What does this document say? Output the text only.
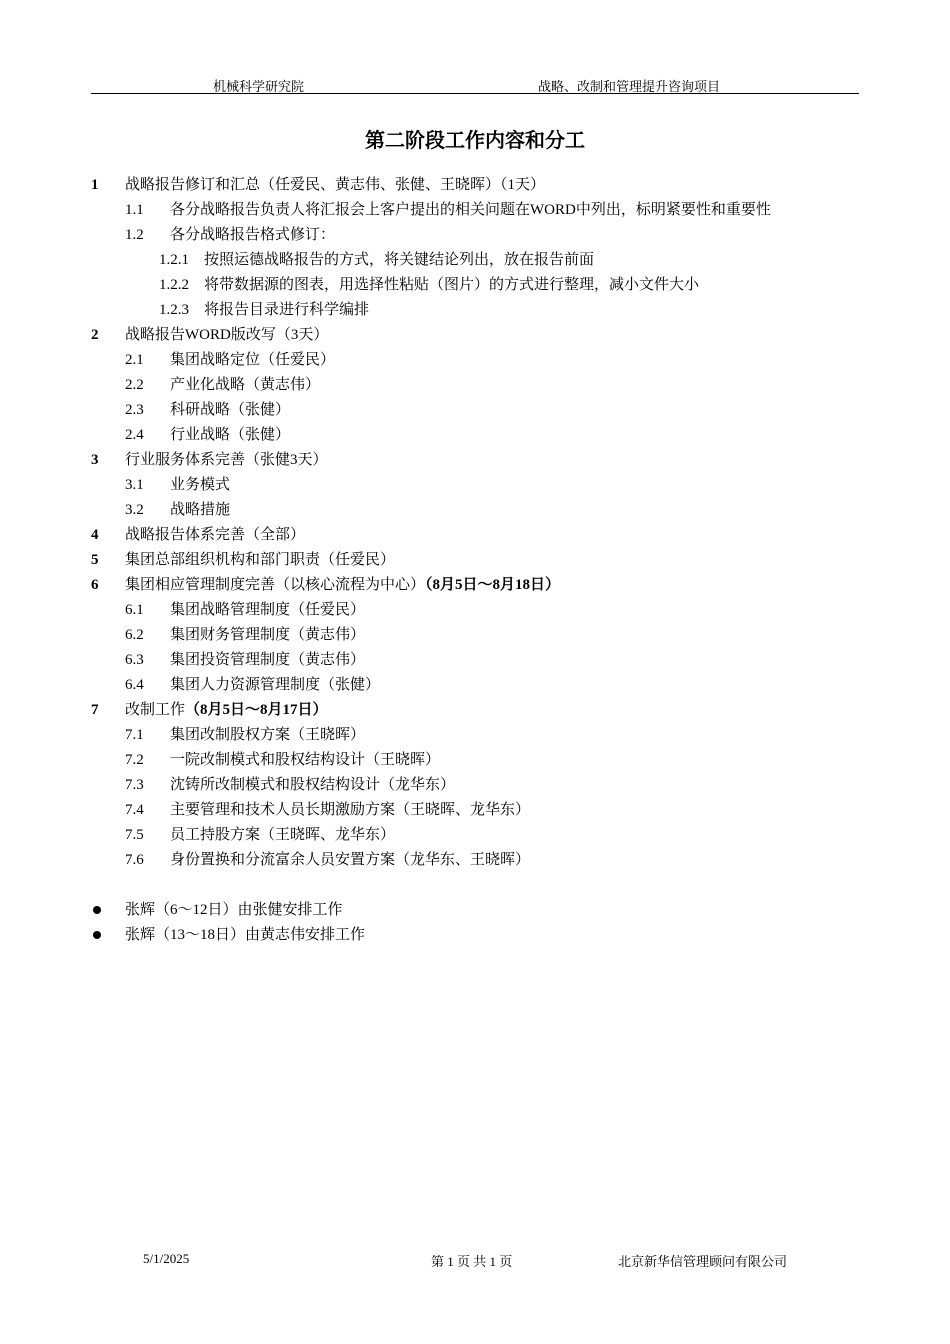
机械科学研究院	战略、改制和管理提升咨询项目
第二阶段工作内容和分工
1 战略报告修订和汇总（任爱民、黄志伟、张健、王晓晖）（1天）
1.1 各分战略报告负责人将汇报会上客户提出的相关问题在WORD中列出，标明紧要性和重要性
1.2 各分战略报告格式修订：
1.2.1 按照运德战略报告的方式，将关键结论列出，放在报告前面
1.2.2 将带数据源的图表，用选择性粘贴（图片）的方式进行整理，减小文件大小
1.2.3 将报告目录进行科学编排
2 战略报告WORD版改写（3天）
2.1 集团战略定位（任爱民）
2.2 产业化战略（黄志伟）
2.3 科研战略（张健）
2.4 行业战略（张健）
3 行业服务体系完善（张健3天）
3.1 业务模式
3.2 战略措施
4 战略报告体系完善（全部）
5 集团总部组织机构和部门职责（任爱民）
6 集团相应管理制度完善（以核心流程为中心）（8月5日～8月18日）
6.1 集团战略管理制度（任爱民）
6.2 集团财务管理制度（黄志伟）
6.3 集团投资管理制度（黄志伟）
6.4 集团人力资源管理制度（张健）
7 改制工作（8月5日～8月17日）
7.1 集团改制股权方案（王晓晖）
7.2 一院改制模式和股权结构设计（王晓晖）
7.3 沈铸所改制模式和股权结构设计（龙华东）
7.4 主要管理和技术人员长期激励方案（王晓晖、龙华东）
7.5 员工持股方案（王晓晖、龙华东）
7.6 身份置换和分流富余人员安置方案（龙华东、王晓晖）
张辉（6～12日）由张健安排工作
张辉（13～18日）由黄志伟安排工作
5/1/2025	第 1 页 共 1 页	北京新华信管理顾问有限公司
